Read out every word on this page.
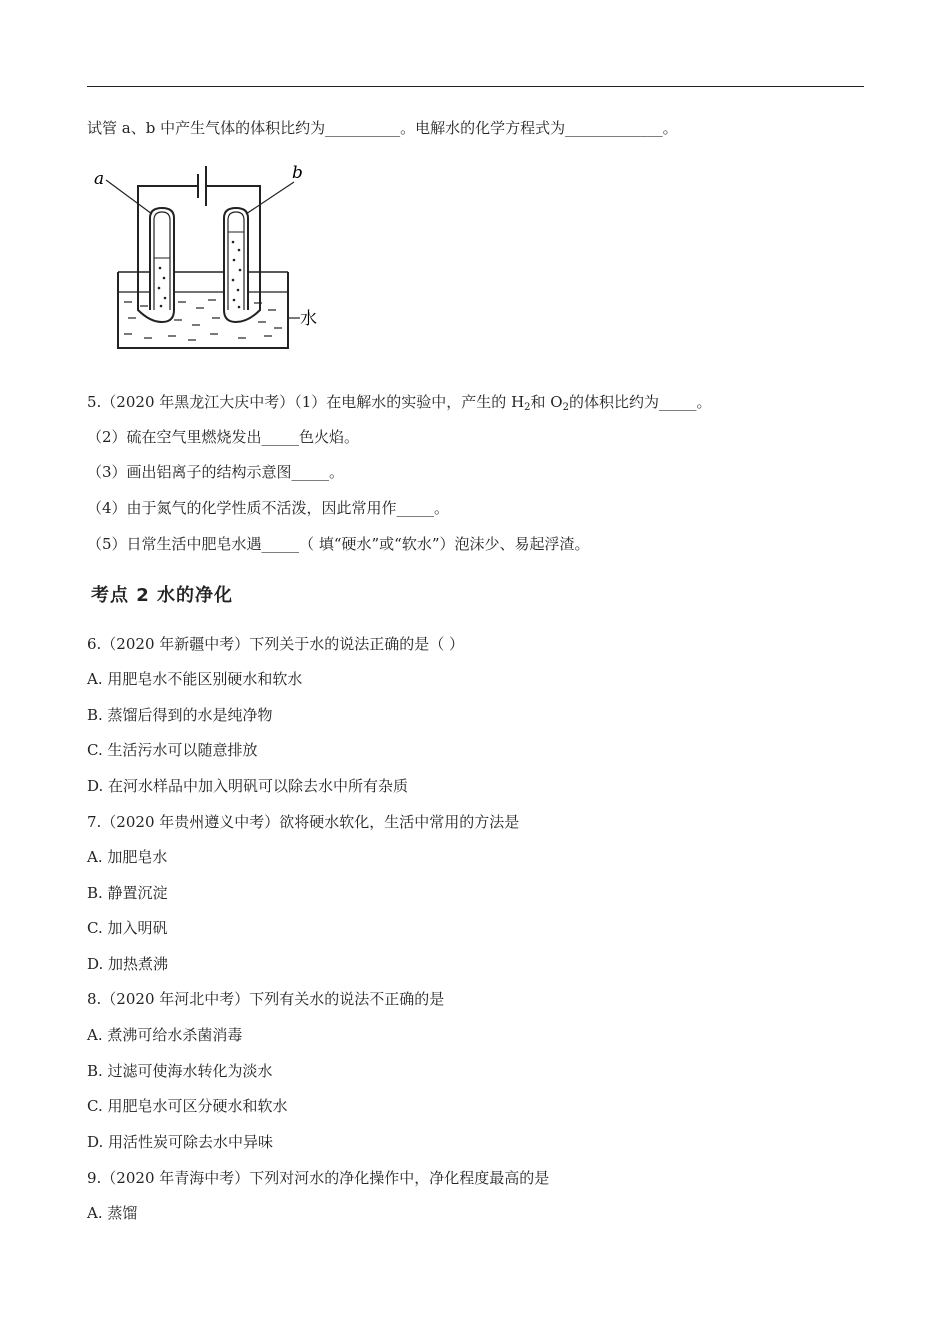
试管 a、b 中产生气体的体积比约为__________。电解水的化学方程式为_____________。
a	b
水
5.（2020 年黑龙江大庆中考）（1）在电解水的实验中，产生的 $H_2$和 $O_2$的体积比约为_____。
（2）硫在空气里燃烧发出_____色火焰。
（3）画出铝离子的结构示意图_____。
（4）由于氮气的化学性质不活泼，因此常用作_____。
（5）日常生活中肥皂水遇_____（ 填“硬水”或“软水”）泡沫少、易起浮渣。
考点 2 水的净化
6.（2020 年新疆中考）下列关于水的说法正确的是（ ）
A. 用肥皂水不能区别硬水和软水
B. 蒸馏后得到的水是纯净物
C. 生活污水可以随意排放
D. 在河水样品中加入明矾可以除去水中所有杂质
7.（2020 年贵州遵义中考）欲将硬水软化，生活中常用的方法是
A. 加肥皂水
B. 静置沉淀
C. 加入明矾
D. 加热煮沸
8.（2020 年河北中考）下列有关水的说法不正确的是
A. 煮沸可给水杀菌消毒
B. 过滤可使海水转化为淡水
C. 用肥皂水可区分硬水和软水
D. 用活性炭可除去水中异味
9.（2020 年青海中考）下列对河水的净化操作中，净化程度最高的是
A. 蒸馏
